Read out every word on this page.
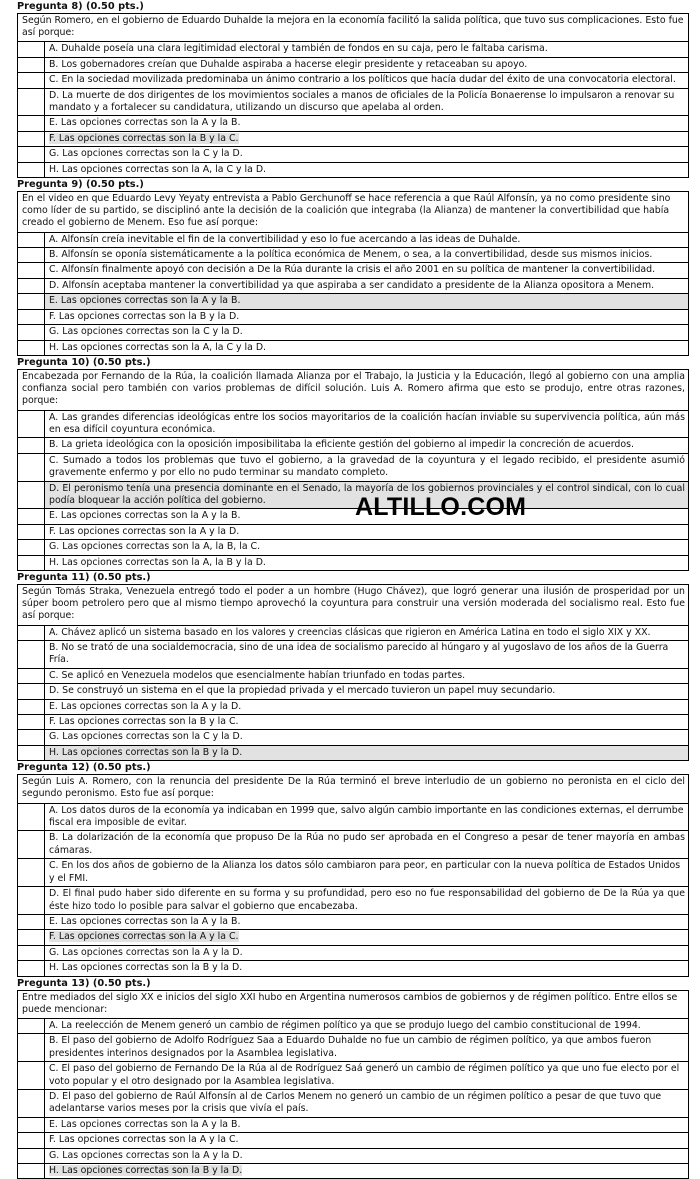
Pregunta 8) (0.50 pts.)
Según Romero, en el gobierno de Eduardo Duhalde la mejora en la economía facilitó la salida política, que tuvo sus complicaciones. Esto fue así porque:
A. Duhalde poseía una clara legitimidad electoral y también de fondos en su caja, pero le faltaba carisma.
B. Los gobernadores creían que Duhalde aspiraba a hacerse elegir presidente y retaceaban su apoyo.
C. En la sociedad movilizada predominaba un ánimo contrario a los políticos que hacía dudar del éxito de una convocatoria electoral.
D. La muerte de dos dirigentes de los movimientos sociales a manos de oficiales de la Policía Bonaerense lo impulsaron a renovar su mandato y a fortalecer su candidatura, utilizando un discurso que apelaba al orden.
E. Las opciones correctas son la A y la B.
F. Las opciones correctas son la B y la C.
G. Las opciones correctas son la C y la D.
H. Las opciones correctas son la A, la C y la D.
Pregunta 9) (0.50 pts.)
En el video en que Eduardo Levy Yeyaty entrevista a Pablo Gerchunoff se hace referencia a que Raúl Alfonsín, ya no como presidente sino como líder de su partido, se disciplinó ante la decisión de la coalición que integraba (la Alianza) de mantener la convertibilidad que había creado el gobierno de Menem. Eso fue así porque:
A. Alfonsín creía inevitable el fin de la convertibilidad y eso lo fue acercando a las ideas de Duhalde.
B. Alfonsín se oponía sistemáticamente a la política económica de Menem, o sea, a la convertibilidad, desde sus mismos inicios.
C. Alfonsín finalmente apoyó con decisión a De la Rúa durante la crisis el año 2001 en su política de mantener la convertibilidad.
D. Alfonsín aceptaba mantener la convertibilidad ya que aspiraba a ser candidato a presidente de la Alianza opositora a Menem.
E. Las opciones correctas son la A y la B.
F. Las opciones correctas son la B y la D.
G. Las opciones correctas son la C y la D.
H. Las opciones correctas son la A, la C y la D.
Pregunta 10) (0.50 pts.)
Encabezada por Fernando de la Rúa, la coalición llamada Alianza por el Trabajo, la Justicia y la Educación, llegó al gobierno con una amplia confianza social pero también con varios problemas de difícil solución. Luis A. Romero afirma que esto se produjo, entre otras razones, porque:
A. Las grandes diferencias ideológicas entre los socios mayoritarios de la coalición hacían inviable su supervivencia política, aún más en esa difícil coyuntura económica.
B. La grieta ideológica con la oposición imposibilitaba la eficiente gestión del gobierno al impedir la concreción de acuerdos.
C. Sumado a todos los problemas que tuvo el gobierno, a la gravedad de la coyuntura y el legado recibido, el presidente asumió gravemente enfermo y por ello no pudo terminar su mandato completo.
D. El peronismo tenía una presencia dominante en el Senado, la mayoría de los gobiernos provinciales y el control sindical, con lo cual podía bloquear la acción política del gobierno.
E. Las opciones correctas son la A y la B.
F. Las opciones correctas son la A y la D.
G. Las opciones correctas son la A, la B, la C.
H. Las opciones correctas son la A, la B y la D.
Pregunta 11) (0.50 pts.)
Según Tomás Straka, Venezuela entregó todo el poder a un hombre (Hugo Chávez), que logró generar una ilusión de prosperidad por un súper boom petrolero pero que al mismo tiempo aprovechó la coyuntura para construir una versión moderada del socialismo real. Esto fue así porque:
A. Chávez aplicó un sistema basado en los valores y creencias clásicas que rigieron en América Latina en todo el siglo XIX y XX.
B. No se trató de una socialdemocracia, sino de una idea de socialismo parecido al húngaro y al yugoslavo de los años de la Guerra Fría.
C. Se aplicó en Venezuela modelos que esencialmente habían triunfado en todas partes.
D. Se construyó un sistema en el que la propiedad privada y el mercado tuvieron un papel muy secundario.
E. Las opciones correctas son la A y la D.
F. Las opciones correctas son la B y la C.
G. Las opciones correctas son la C y la D.
H. Las opciones correctas son la B y la D.
Pregunta 12) (0.50 pts.)
Según Luis A. Romero, con la renuncia del presidente De la Rúa terminó el breve interludio de un gobierno no peronista en el ciclo del segundo peronismo. Esto fue así porque:
A. Los datos duros de la economía ya indicaban en 1999 que, salvo algún cambio importante en las condiciones externas, el derrumbe fiscal era imposible de evitar.
B. La dolarización de la economía que propuso De la Rúa no pudo ser aprobada en el Congreso a pesar de tener mayoría en ambas cámaras.
C. En los dos años de gobierno de la Alianza los datos sólo cambiaron para peor, en particular con la nueva política de Estados Unidos y el FMI.
D. El final pudo haber sido diferente en su forma y su profundidad, pero eso no fue responsabilidad del gobierno de De la Rúa ya que éste hizo todo lo posible para salvar el gobierno que encabezaba.
E. Las opciones correctas son la A y la B.
F. Las opciones correctas son la A y la C.
G. Las opciones correctas son la A y la D.
H. Las opciones correctas son la B y la D.
Pregunta 13) (0.50 pts.)
Entre mediados del siglo XX e inicios del siglo XXI hubo en Argentina numerosos cambios de gobiernos y de régimen político. Entre ellos se puede mencionar:
A. La reelección de Menem generó un cambio de régimen político ya que se produjo luego del cambio constitucional de 1994.
B. El paso del gobierno de Adolfo Rodríguez Saa a Eduardo Duhalde no fue un cambio de régimen político, ya que ambos fueron presidentes interinos designados por la Asamblea legislativa.
C. El paso del gobierno de Fernando De la Rúa al de Rodríguez Saá generó un cambio de régimen político ya que uno fue electo por el voto popular y el otro designado por la Asamblea legislativa.
D. El paso del gobierno de Raúl Alfonsín al de Carlos Menem no generó un cambio de un régimen político a pesar de que tuvo que adelantarse varios meses por la crisis que vivía el país.
E. Las opciones correctas son la A y la B.
F. Las opciones correctas son la A y la C.
G. Las opciones correctas son la A y la D.
H. Las opciones correctas son la B y la D.
ALTILLO.COM
